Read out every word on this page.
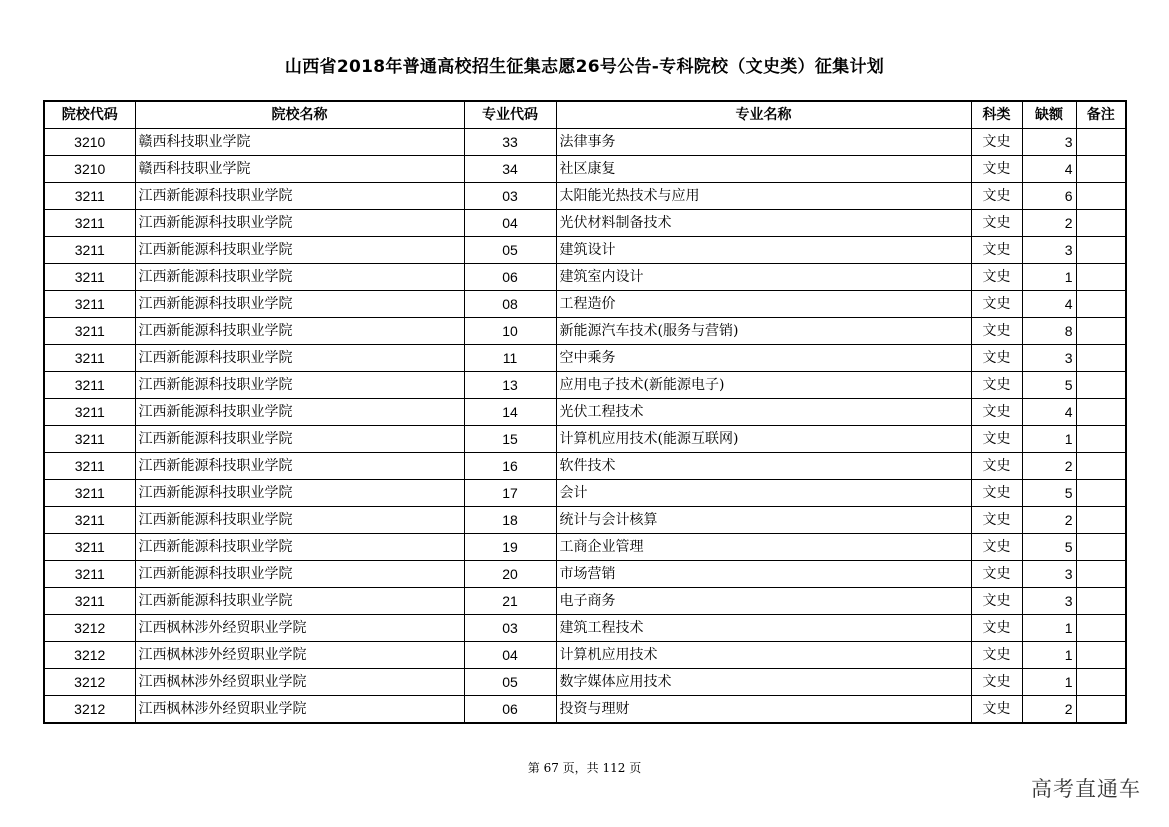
山西省2018年普通高校招生征集志愿26号公告-专科院校（文史类）征集计划
院校代码	院校名称	专业代码	专业名称	科类	缺额	备注
3210	赣西科技职业学院	33	法律事务	文史	3	
3210	赣西科技职业学院	34	社区康复	文史	4	
3211	江西新能源科技职业学院	03	太阳能光热技术与应用	文史	6	
3211	江西新能源科技职业学院	04	光伏材料制备技术	文史	2	
3211	江西新能源科技职业学院	05	建筑设计	文史	3	
3211	江西新能源科技职业学院	06	建筑室内设计	文史	1	
3211	江西新能源科技职业学院	08	工程造价	文史	4	
3211	江西新能源科技职业学院	10	新能源汽车技术(服务与营销)	文史	8	
3211	江西新能源科技职业学院	11	空中乘务	文史	3	
3211	江西新能源科技职业学院	13	应用电子技术(新能源电子)	文史	5	
3211	江西新能源科技职业学院	14	光伏工程技术	文史	4	
3211	江西新能源科技职业学院	15	计算机应用技术(能源互联网)	文史	1	
3211	江西新能源科技职业学院	16	软件技术	文史	2	
3211	江西新能源科技职业学院	17	会计	文史	5	
3211	江西新能源科技职业学院	18	统计与会计核算	文史	2	
3211	江西新能源科技职业学院	19	工商企业管理	文史	5	
3211	江西新能源科技职业学院	20	市场营销	文史	3	
3211	江西新能源科技职业学院	21	电子商务	文史	3	
3212	江西枫林涉外经贸职业学院	03	建筑工程技术	文史	1	
3212	江西枫林涉外经贸职业学院	04	计算机应用技术	文史	1	
3212	江西枫林涉外经贸职业学院	05	数字媒体应用技术	文史	1	
3212	江西枫林涉外经贸职业学院	06	投资与理财	文史	2	
第 67 页，共 112 页
高考直通车
